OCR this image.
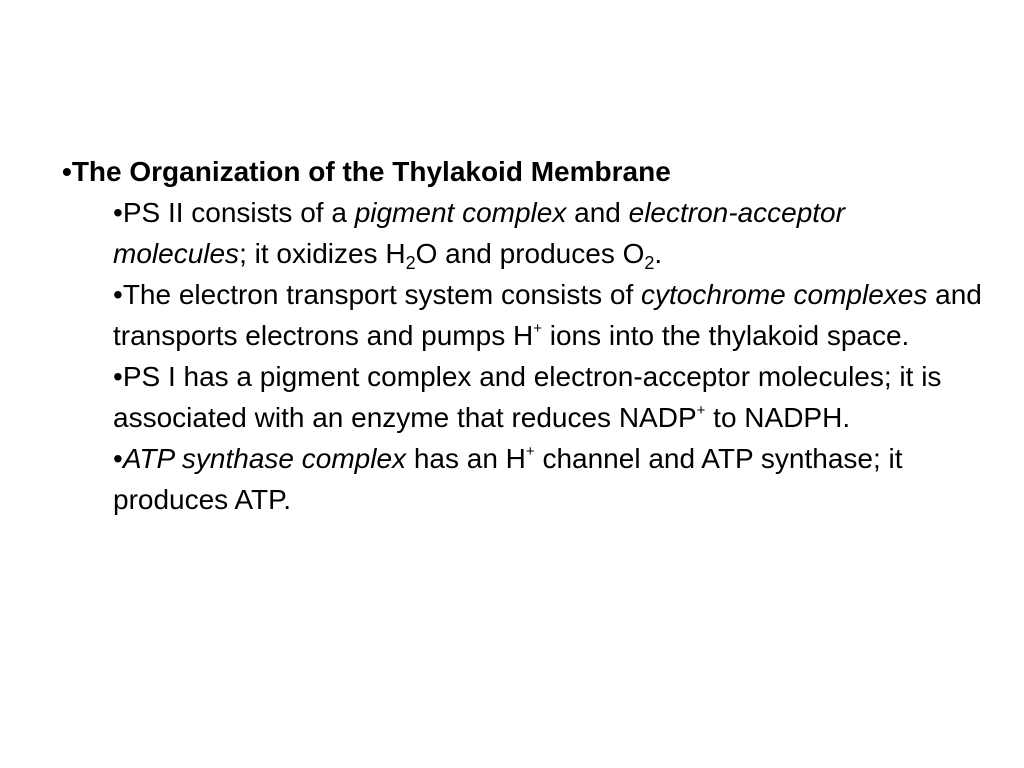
•The Organization of the Thylakoid Membrane

•PS II consists of a pigment complex and electron-acceptor molecules; it oxidizes $H_2O$ and produces $O_2$.

•The electron transport system consists of cytochrome complexes and transports electrons and pumps H+ ions into the thylakoid space.

•PS I has a pigment complex and electron-acceptor molecules; it is associated with an enzyme that reduces NADP+ to NADPH.

•ATP synthase complex has an H+ channel and ATP synthase; it produces ATP.
